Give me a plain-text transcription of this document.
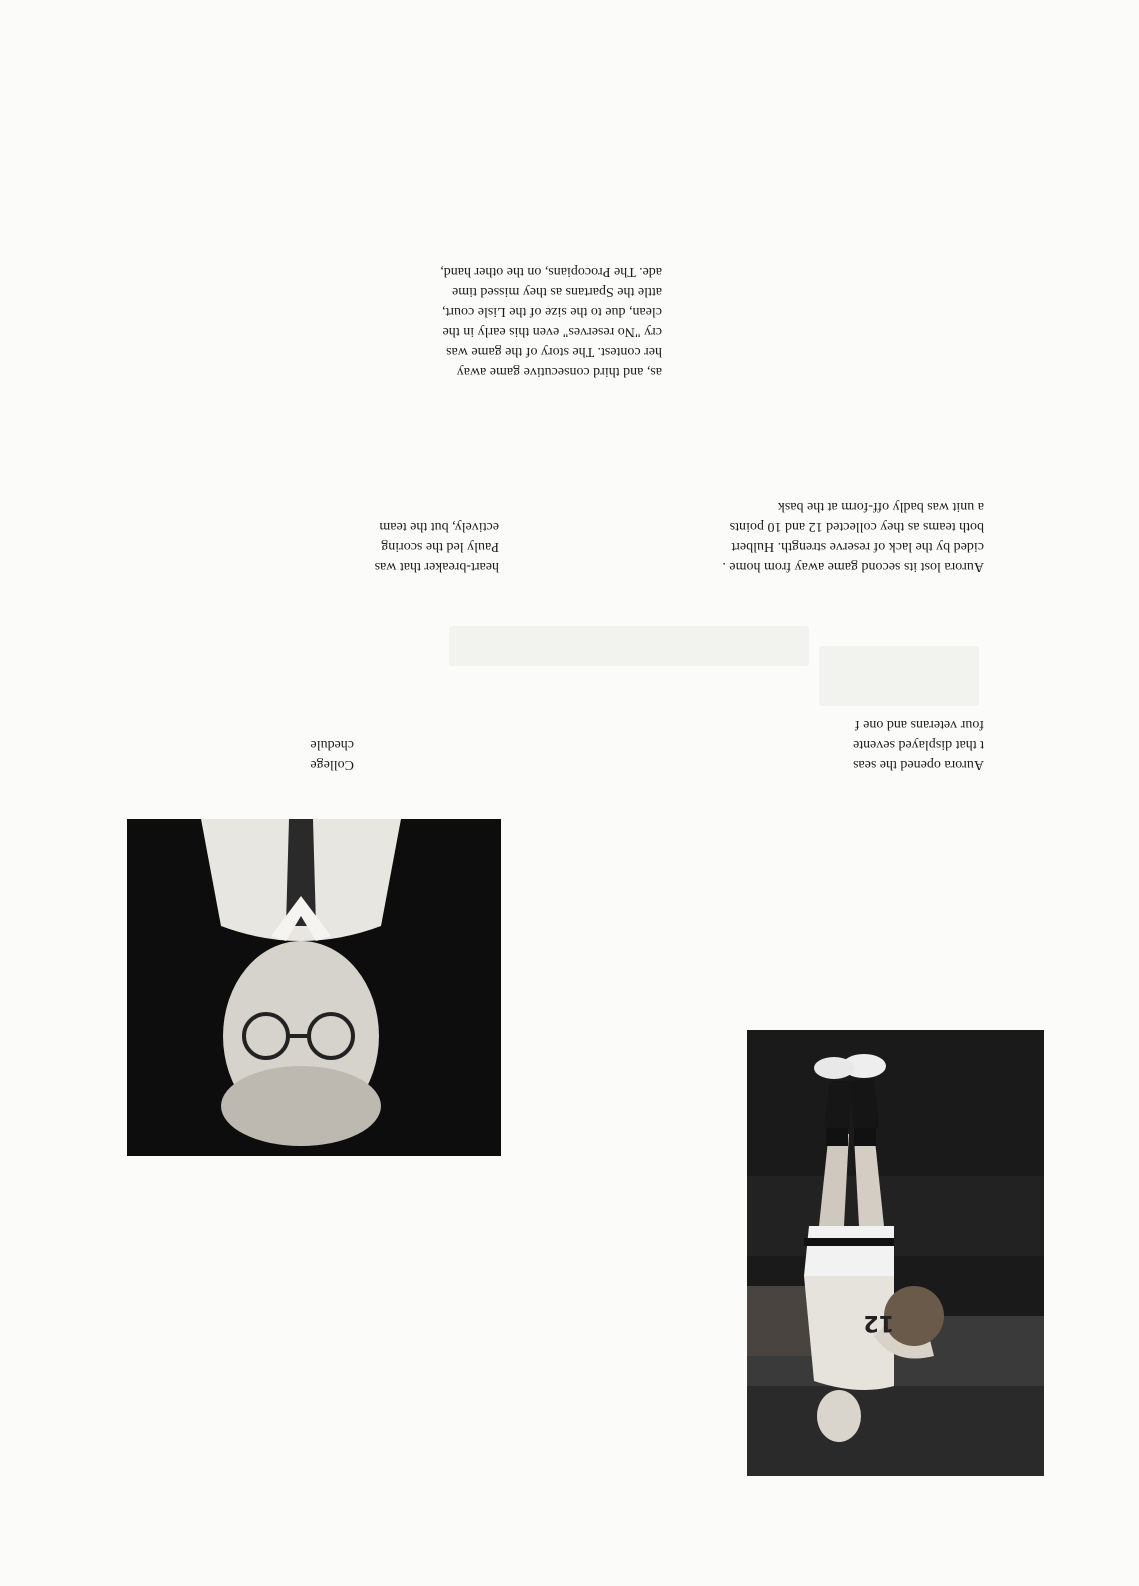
12
Aurora opened the seas
t that displayed sevente
four veterans and one f
College
chedule
Aurora lost its second game away from home .
cided by the lack of reserve strength. Hulbert
both teams as they collected 12 and 10 points
a unit was badly off-form at the bask
heart-breaker that was
Pauly led the scoring
ectively, but the team
as, and third consecutive game away
her contest. The story of the game was
cry "No reserves" even this early in the
clean, due to the size of the Lisle court,
attle the Spartans as they missed time
ade. The Procopians, on the other hand,
